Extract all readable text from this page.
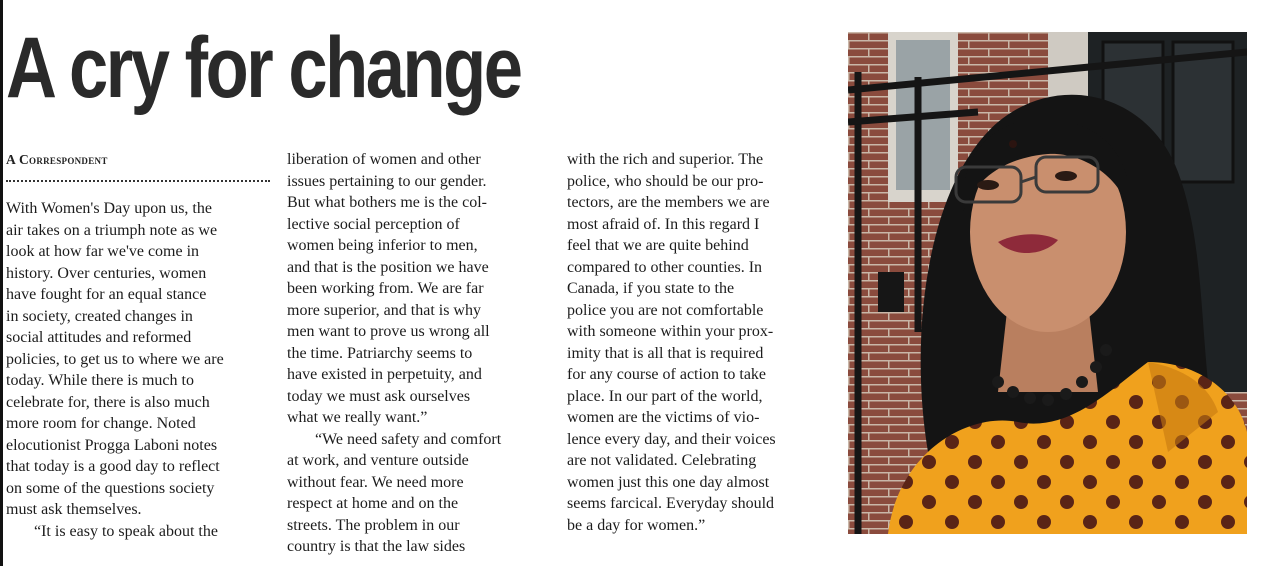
A cry for change
A Correspondent

With Women's Day upon us, the
air takes on a triumph note as we
look at how far we've come in
history. Over centuries, women
have fought for an equal stance
in society, created changes in
social attitudes and reformed
policies, to get us to where we are
today. While there is much to
celebrate for, there is also much
more room for change. Noted
elocutionist Progga Laboni notes
that today is a good day to reflect
on some of the questions society
must ask themselves.

“It is easy to speak about the

liberation of women and other
issues pertaining to our gender.
But what bothers me is the col-
lective social perception of
women being inferior to men,
and that is the position we have
been working from. We are far
more superior, and that is why
men want to prove us wrong all
the time. Patriarchy seems to
have existed in perpetuity, and
today we must ask ourselves
what we really want.”

“We need safety and comfort
at work, and venture outside
without fear. We need more
respect at home and on the
streets. The problem in our
country is that the law sides

with the rich and superior. The
police, who should be our pro-
tectors, are the members we are
most afraid of. In this regard I
feel that we are quite behind
compared to other counties. In
Canada, if you state to the
police you are not comfortable
with someone within your prox-
imity that is all that is required
for any course of action to take
place. In our part of the world,
women are the victims of vio-
lence every day, and their voices
are not validated. Celebrating
women just this one day almost
seems farcical. Everyday should
be a day for women.”
